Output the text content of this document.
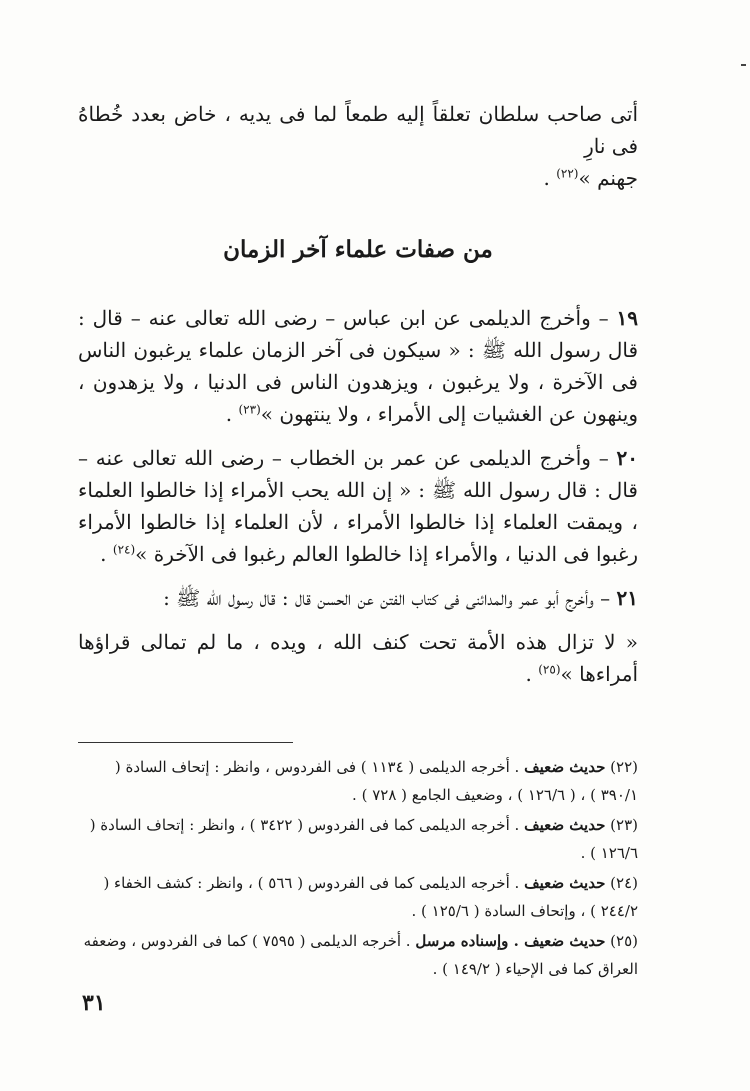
أتى صاحب سلطان تعلقاً إليه طمعاً لما فى يديه ، خاض بعدد خُطاهُ فى نارِ
جهنم »$^{(٢٢)}$ .

من صفات علماء آخر الزمان

١٩ – وأخرج الديلمى عن ابن عباس – رضى الله تعالى عنه – قال : قال رسول الله ﷺ : « سيكون فى آخر الزمان علماء يرغبون الناس فى الآخرة ، ولا يرغبون ، ويزهدون الناس فى الدنيا ، ولا يزهدون ، وينهون عن الغشيات إلى الأمراء ، ولا ينتهون »$^{(٢٣)}$ .

٢٠ – وأخرج الديلمى عن عمر بن الخطاب – رضى الله تعالى عنه – قال : قال رسول الله ﷺ : « إن الله يحب الأمراء إذا خالطوا العلماء ، ويمقت العلماء إذا خالطوا الأمراء ، لأن العلماء إذا خالطوا الأمراء رغبوا فى الدنيا ، والأمراء إذا خالطوا العالم رغبوا فى الآخرة »$^{(٢٤)}$ .

٢١ – وأخرج أبو عمر والمدائنى فى كتاب الفتن عن الحسن قال : قال رسول الله ﷺ :

« لا تزال هذه الأمة تحت كنف الله ، ويده ، ما لم تمالى قراؤها أمراءها »$^{(٢٥)}$ .

(٢٢) حديث ضعيف . أخرجه الديلمى ( ١١٣٤ ) فى الفردوس ، وانظر : إتحاف السادة ( ٣٩٠/١ ) ، ( ١٢٦/٦ ) ، وضعيف الجامع ( ٧٢٨ ) .

(٢٣) حديث ضعيف . أخرجه الديلمى كما فى الفردوس ( ٣٤٢٢ ) ، وانظر : إتحاف السادة ( ١٢٦/٦ ) .

(٢٤) حديث ضعيف . أخرجه الديلمى كما فى الفردوس ( ٥٦٦ ) ، وانظر : كشف الخفاء ( ٢٤٤/٢ ) ، وإتحاف السادة ( ١٢٥/٦ ) .

(٢٥) حديث ضعيف . وإسناده مرسل . أخرجه الديلمى ( ٧٥٩٥ ) كما فى الفردوس ، وضعفه العراق كما فى الإحياء ( ١٤٩/٢ ) .

٣١
